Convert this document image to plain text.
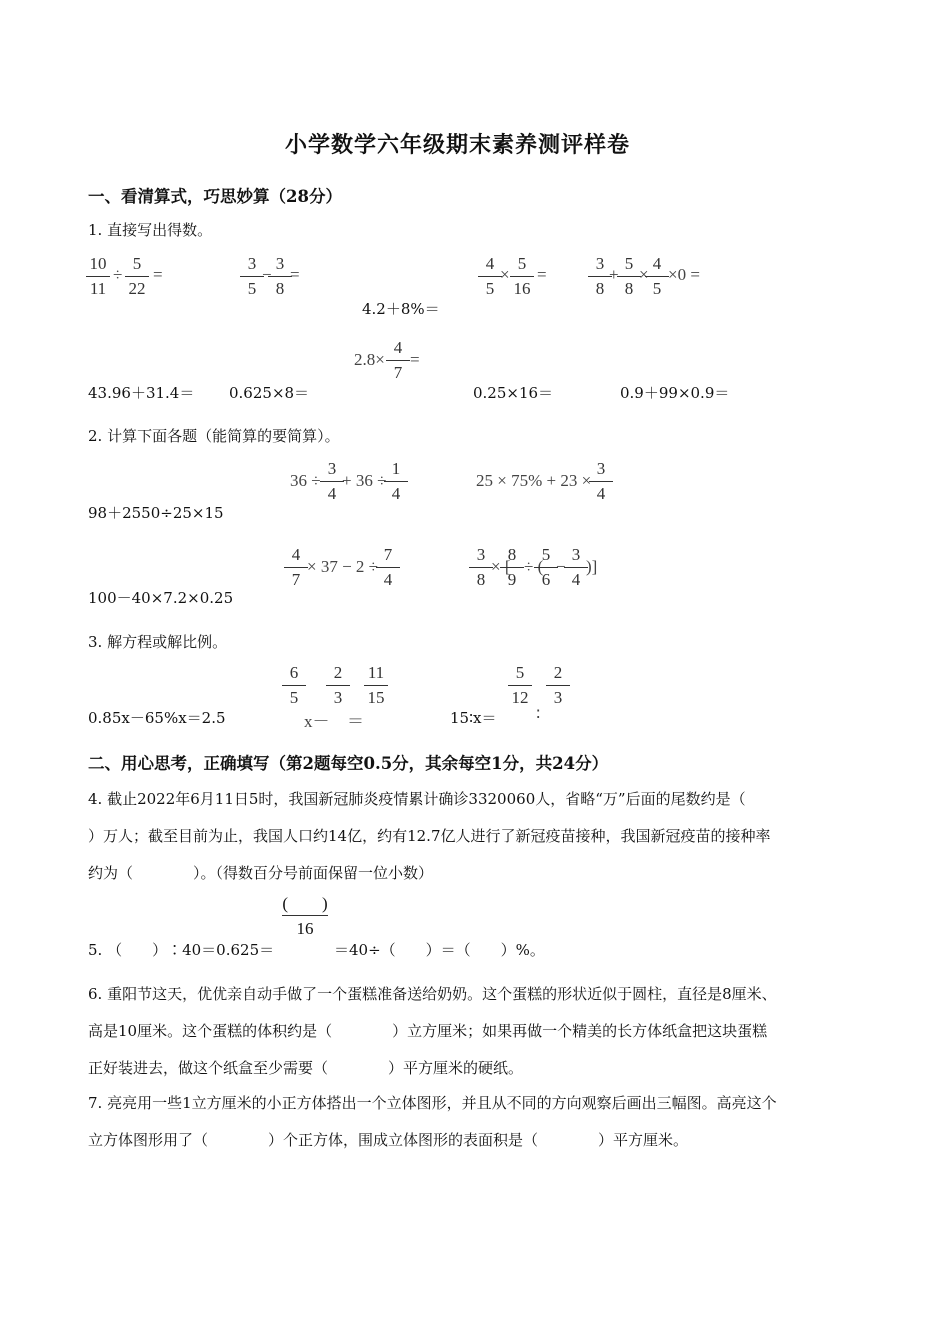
小学数学六年级期末素养测评样卷
一、看清算式，巧思妙算（28分）
1. 直接写出得数。
10
11
÷
5
22
=
3
5
−
3
8
=
4.2＋8%＝
4
5
×
5
16
=
3
8
+
5
8
×
4
5
×0 =
2.8×
4
7
=
43.96＋31.4＝ 0.625×8＝	0.25×16＝	0.9＋99×0.9＝
2. 计算下面各题（能简算的要简算）。
36 ÷
3
4
+ 36 ÷
1
4
25 × 75% + 23 ×
3
4
98＋2550÷25×15
4
7
× 37 − 2 ÷
7
4
3
8
× [
8
9
÷ (
5
6
−
3
4
)]
100－40×7.2×0.25
3. 解方程或解比例。
0.85x－65%x＝2.5
6
5
x－
2
3
＝
11
15
15∶x＝
5
12
∶
2
3
二、用心思考，正确填写（第2题每空0.5分，其余每空1分，共24分）
4. 截止2022年6月11日5时，我国新冠肺炎疫情累计确诊3320060人，省略“万”后面的尾数约是（
）万人；截至目前为止，我国人口约14亿，约有12.7亿人进行了新冠疫苗接种，我国新冠疫苗的接种率
约为（　　　　）。（得数百分号前面保留一位小数）
5. （　　）∶40＝0.625＝
(　　)
16
＝40÷（　　）＝（　　）%。
6. 重阳节这天，优优亲自动手做了一个蛋糕准备送给奶奶。这个蛋糕的形状近似于圆柱，直径是8厘米、
高是10厘米。这个蛋糕的体积约是（　　　　）立方厘米；如果再做一个精美的长方体纸盒把这块蛋糕
正好装进去，做这个纸盒至少需要（　　　　）平方厘米的硬纸。
7. 亮亮用一些1立方厘米的小正方体搭出一个立体图形，并且从不同的方向观察后画出三幅图。高亮这个
立方体图形用了（　　　　）个正方体，围成立体图形的表面积是（　　　　）平方厘米。
